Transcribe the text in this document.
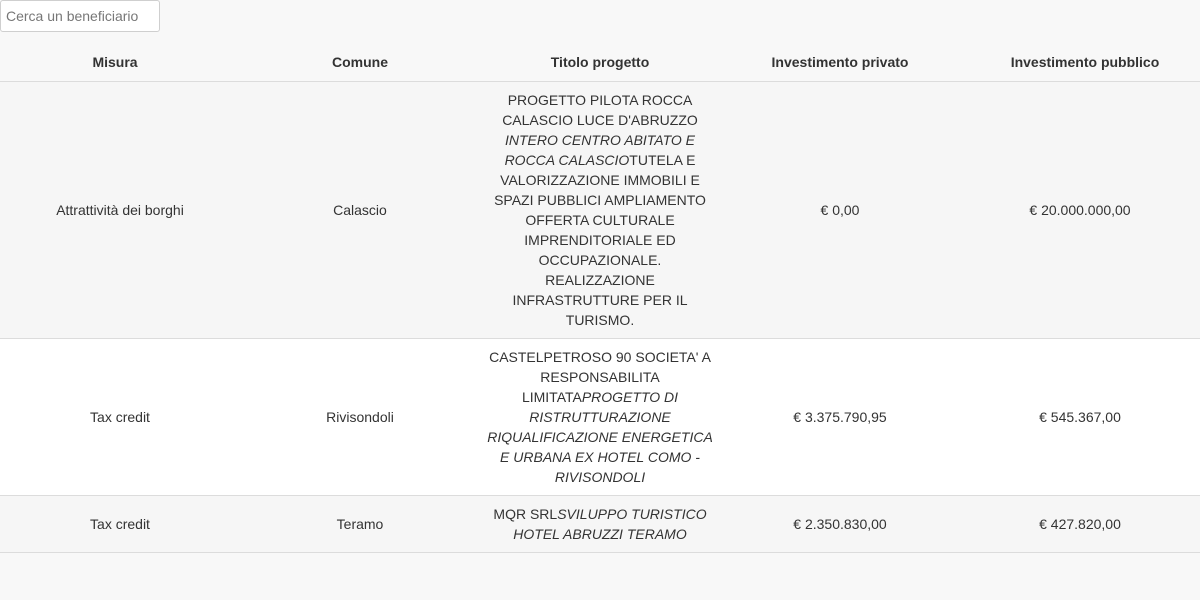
Cerca un beneficiario
Misura	Comune	Titolo progetto	Investimento privato	Investimento pubblico
Attrattività dei borghi	Calascio	PROGETTO PILOTA ROCCA CALASCIO LUCE D'ABRUZZO INTERO CENTRO ABITATO E ROCCA CALASCIOTUTELA E VALORIZZAZIONE IMMOBILI E SPAZI PUBBLICI AMPLIAMENTO OFFERTA CULTURALE IMPRENDITORIALE ED OCCUPAZIONALE. REALIZZAZIONE INFRASTRUTTURE PER IL TURISMO.	€ 0,00	€ 20.000.000,00
Tax credit	Rivisondoli	CASTELPETROSO 90 SOCIETA' A RESPONSABILITA LIMITATAPROGETTO DI RISTRUTTURAZIONE RIQUALIFICAZIONE ENERGETICA E URBANA EX HOTEL COMO - RIVISONDOLI	€ 3.375.790,95	€ 545.367,00
Tax credit	Teramo	MQR SRLSVILUPPO TURISTICO HOTEL ABRUZZI TERAMO	€ 2.350.830,00	€ 427.820,00
